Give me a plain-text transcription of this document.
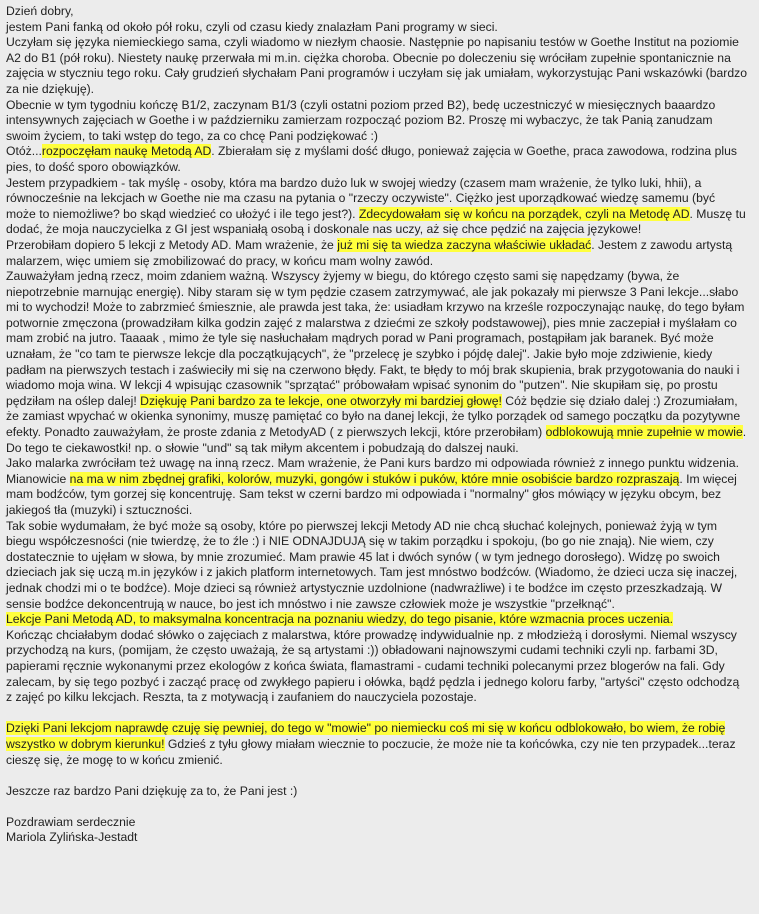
Dzień dobry,

jestem Pani fanką od około pół roku, czyli od czasu kiedy znalazłam Pani programy w sieci.

Uczyłam się języka niemieckiego sama, czyli wiadomo w niezłym chaosie. Następnie po napisaniu testów w Goethe Institut na poziomie A2 do B1 (pół roku). Niestety naukę przerwała mi m.in. ciężka choroba. Obecnie po doleczeniu się wróciłam zupełnie spontanicznie na zajęcia w styczniu tego roku. Cały grudzień słychałam Pani programów i uczyłam się jak umiałam, wykorzystując Pani wskazówki (bardzo za nie dziękuję).

Obecnie w tym tygodniu kończę B1/2, zaczynam B1/3 (czyli ostatni poziom przed B2), bedę uczestniczyć w miesięcznych baaardzo intensywnych zajęciach w Goethe i w październiku zamierzam rozpocząć poziom B2. Proszę mi wybaczyc, że tak Panią zanudzam swoim życiem, to taki wstęp do tego, za co chcę Pani podziękować :)

Otóż...rozpoczęłam naukę Metodą AD. Zbierałam się z myślami dość długo, ponieważ zajęcia w Goethe, praca zawodowa, rodzina plus pies, to dość sporo obowiązków.

Jestem przypadkiem - tak myślę - osoby, która ma bardzo dużo luk w swojej wiedzy (czasem mam wrażenie, że tylko luki, hhii), a równocześnie na lekcjach w Goethe nie ma czasu na pytania o "rzeczy oczywiste". Ciężko jest uporządkować wiedzę samemu (być może to niemożliwe? bo skąd wiedzieć co ułożyć i ile tego jest?). Zdecydowałam się w końcu na porządek, czyli na Metodę AD. Muszę tu dodać, że moja nauczycielka z GI jest wspaniałą osobą i doskonale nas uczy, aż się chce pędzić na zajęcia językowe!

Przerobiłam dopiero 5 lekcji z Metody AD. Mam wrażenie, że już mi się ta wiedza zaczyna właściwie układać. Jestem z zawodu artystą malarzem, więc umiem się zmobilizować do pracy, w końcu mam wolny zawód.

Zauważyłam jedną rzecz, moim zdaniem ważną. Wszyscy żyjemy w biegu, do którego często sami się napędzamy (bywa, że niepotrzebnie marnując energię). Niby staram się w tym pędzie czasem zatrzymywać, ale jak pokazały mi pierwsze 3 Pani lekcje...słabo mi to wychodzi! Może to zabrzmieć śmiesznie, ale prawda jest taka, że: usiadłam krzywo na krześle rozpoczynając naukę, do tego byłam potwornie zmęczona (prowadziłam kilka godzin zajęć z malarstwa z dziećmi ze szkoły podstawowej), pies mnie zaczepiał i myślałam co mam zrobić na jutro. Taaaak , mimo że tyle się nasłuchałam mądrych porad w Pani programach, postąpiłam jak baranek. Być może uznałam, że "co tam te pierwsze lekcje dla początkujących", że "przelecę je szybko i pójdę dalej". Jakie było moje zdziwienie, kiedy padłam na pierwszych testach i zaświeciły mi się na czerwono błędy. Fakt, te błędy to mój brak skupienia, brak przygotowania do nauki i wiadomo moja wina. W lekcji 4 wpisując czasownik "sprzątać" próbowałam wpisać synonim do "putzen". Nie skupiłam się, po prostu pędziłam na oślep dalej! Dziękuję Pani bardzo za te lekcje, one otworzyły mi bardziej głowę! Cóż będzie się działo dalej :) Zrozumiałam, że zamiast wpychać w okienka synonimy, muszę pamiętać co było na danej lekcji, że tylko porządek od samego początku da pozytywne efekty. Ponadto zauważyłam, że proste zdania z MetodyAD ( z pierwszych lekcji, które przerobiłam) odblokowują mnie zupełnie w mowie. Do tego te ciekawostki! np. o słowie "und" są tak miłym akcentem i pobudzają do dalszej nauki.

Jako malarka zwróciłam też uwagę na inną rzecz. Mam wrażenie, że Pani kurs bardzo mi odpowiada również z innego punktu widzenia. Mianowicie na ma w nim zbędnej grafiki, kolorów, muzyki, gongów i stuków i puków, które mnie osobiście bardzo rozpraszają. Im więcej mam bodźców, tym gorzej się koncentruję. Sam tekst w czerni bardzo mi odpowiada i "normalny" głos mówiący w języku obcym, bez jakiegoś tła (muzyki) i sztuczności.

Tak sobie wydumałam, że być może są osoby, które po pierwszej lekcji Metody AD nie chcą słuchać kolejnych, ponieważ żyją w tym biegu współczesności (nie twierdzę, że to źle :) i NIE ODNAJDUJĄ się w takim porządku i spokoju, (bo go nie znają). Nie wiem, czy dostatecznie to ujęłam w słowa, by mnie zrozumieć. Mam prawie 45 lat i dwóch synów ( w tym jednego dorosłego). Widzę po swoich dzieciach jak się uczą m.in języków i z jakich platform internetowych. Tam jest mnóstwo bodźców. (Wiadomo, że dzieci ucza się inaczej, jednak chodzi mi o te bodźce). Moje dzieci są również artystycznie uzdolnione (nadwrażliwe) i te bodźce im często przeszkadzają. W sensie bodźce dekoncentrują w nauce, bo jest ich mnóstwo i nie zawsze człowiek może je wszystkie "przełknąć".

Lekcje Pani Metodą AD, to maksymalna koncentracja na poznaniu wiedzy, do tego pisanie, które wzmacnia proces uczenia.

Kończąc chciałabym dodać słówko o zajęciach z malarstwa, które prowadzę indywidualnie np. z młodzieżą i dorosłymi. Niemal wszyscy przychodzą na kurs, (pomijam, że często uważają, że są artystami :)) obładowani najnowszymi cudami techniki czyli np. farbami 3D, papierami ręcznie wykonanymi przez ekologów z końca świata, flamastrami - cudami techniki polecanymi przez blogerów na fali. Gdy zalecam, by się tego pozbyć i zacząć pracę od zwykłego papieru i ołówka, bądź pędzla i jednego koloru farby, "artyści" często odchodzą z zajęć po kilku lekcjach. Reszta, ta z motywacją i zaufaniem do nauczyciela pozostaje.

Dzięki Pani lekcjom naprawdę czuję się pewniej, do tego w "mowie" po niemiecku coś mi się w końcu odblokowało, bo wiem, że robię wszystko w dobrym kierunku! Gdzieś z tyłu głowy miałam wiecznie to poczucie, że może nie ta końcówka, czy nie ten przypadek...teraz cieszę się, że mogę to w końcu zmienić.

Jeszcze raz bardzo Pani dziękuję za to, że Pani jest :)

Pozdrawiam serdecznie

Mariola Zylińska-Jestadt
